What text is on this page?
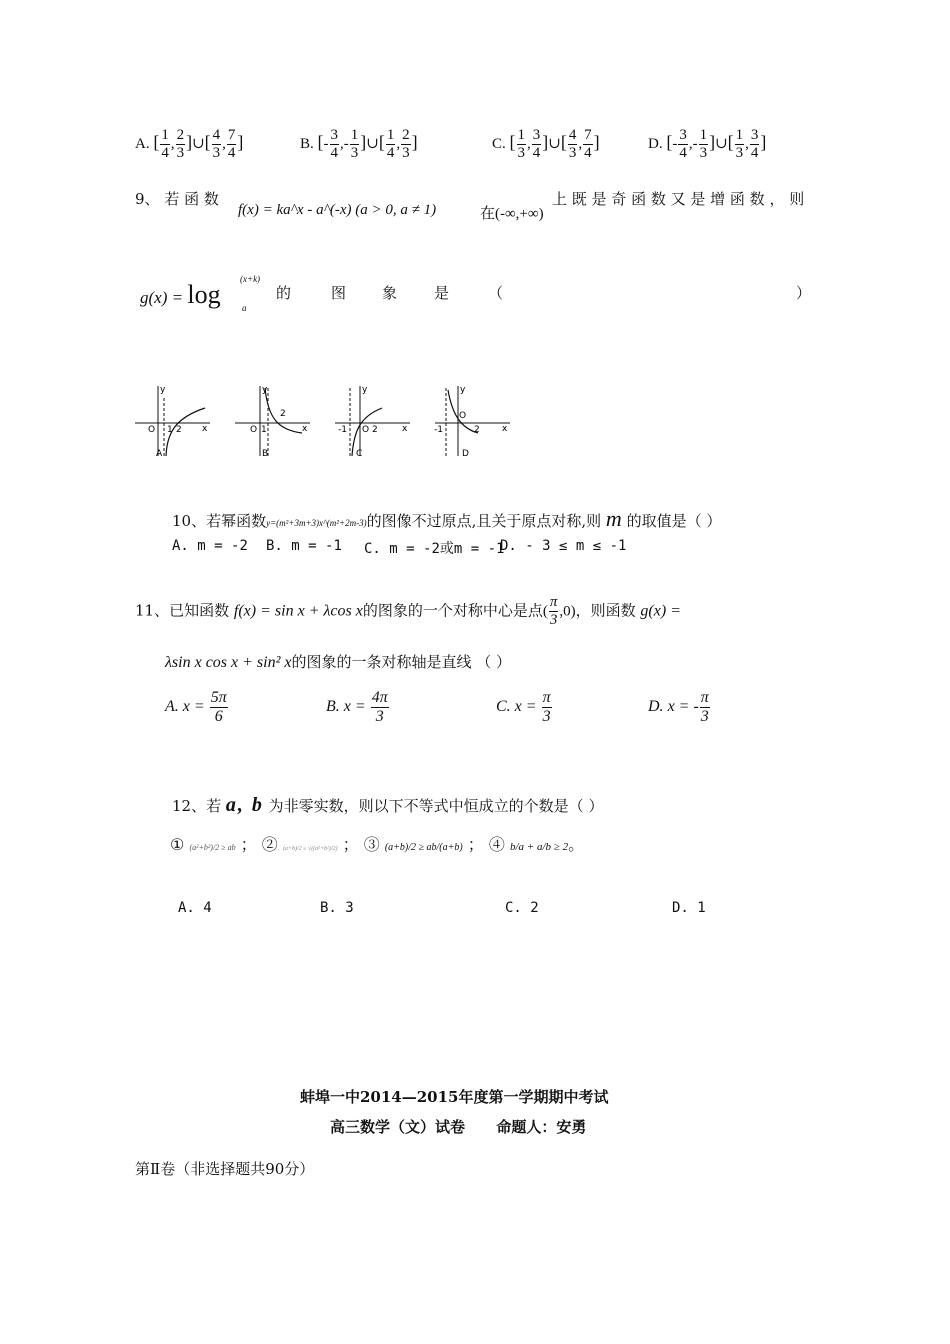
A. [ $\frac{1}{4}$ , $\frac{2}{3}$ ]∪[ $\frac{4}{3}$ , $\frac{7}{4}$ ]	B. [- $\frac{3}{4}$ ,- $\frac{1}{3}$ ]∪[ $\frac{1}{4}$ , $\frac{2}{3}$ ]	C. [ $\frac{1}{3}$ , $\frac{3}{4}$ ]∪[ $\frac{4}{3}$ , $\frac{7}{4}$ ]	D. [- $\frac{3}{4}$ ,- $\frac{1}{3}$ ]∪[ $\frac{1}{3}$ , $\frac{3}{4}$ ]
9、 若 函 数
f(x) = ka^x - a^(-x) (a > 0, a ≠ 1)	在(-∞,+∞)
上 既 是 奇 函 数 又 是 增 函 数 ， 则
g(x) = log
(x+k)
a
的	图 象 是	（	）
y
x
O 1 2
A
y
x
O 1
2
B
y
x
-1 O 2
C
y
x
-1
O
2
D
10、若幂函数y=(m²+3m+3)x^(m²+2m-3)的图像不过原点,且关于原点对称,则 m 的取值是（ ）
A. m = -2 B. m = -1 C. m = -2或m = -1
D. - 3 ≤ m ≤ -1
11、已知函数 f(x) = sin x + λcos x的图象的一个对称中心是点( $\frac{\pi}{3} ,0$)，则函数 g(x) =
λsin x cos x + sin² x的图象的一条对称轴是直线 （ ）
A. $x = \frac{5\pi}{6}$	B. $x = \frac{4\pi}{3}$	C. $x = \frac{\pi}{3}$	D. x = - $\frac{\pi}{3}$
12、若 a, b 为非零实数，则以下不等式中恒成立的个数是（ ）
① (a²+b²)/2 ≥ ab ； ② (a+b)/2 ≤ √((a²+b²)/2) ； ③ (a+b)/2 ≥ ab/(a+b) ； ④ b/a + a/b ≥ 2。
A. 4	B. 3	C. 2	D. 1
蚌埠一中2014—2015年度第一学期期中考试
高三数学（文）试卷      命题人：安勇
第Ⅱ卷（非选择题共90分）
